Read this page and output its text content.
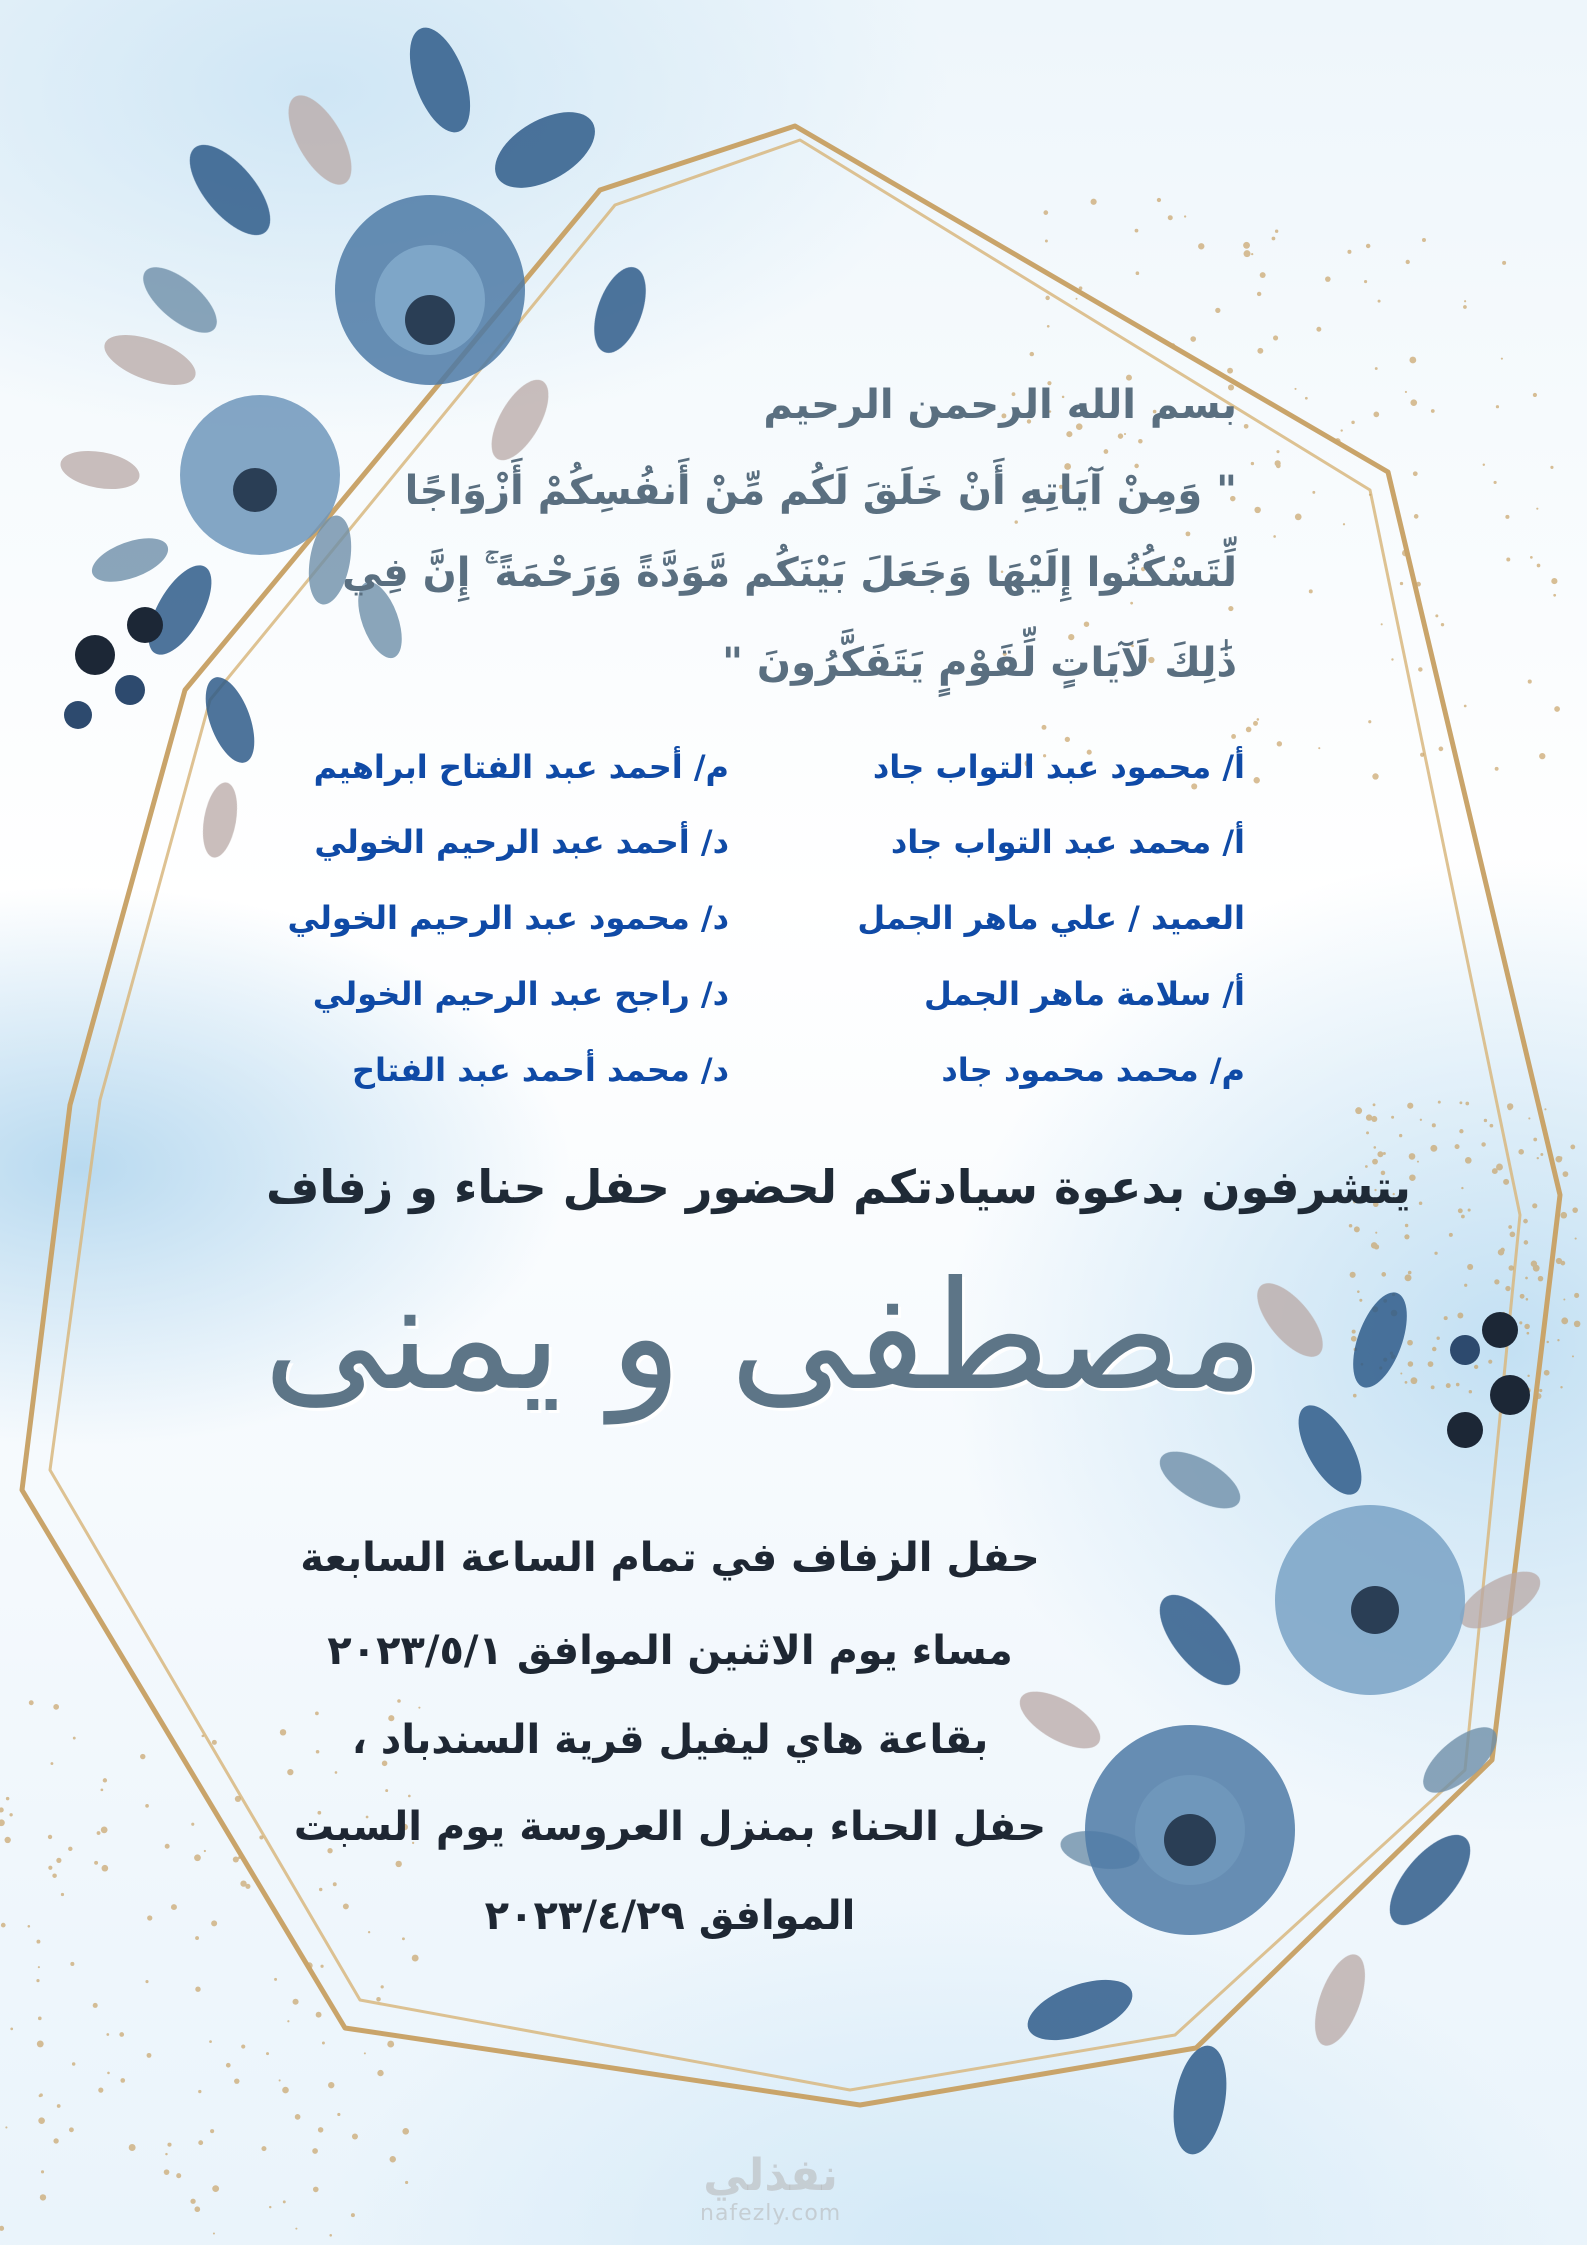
بسم الله الرحمن الرحيم
" وَمِنْ آيَاتِهِ أَنْ خَلَقَ لَكُم مِّنْ أَنفُسِكُمْ أَزْوَاجًا
لِّتَسْكُنُوا إِلَيْهَا وَجَعَلَ بَيْنَكُم مَّوَدَّةً وَرَحْمَةً ۚ إِنَّ فِي
ذَٰلِكَ لَآيَاتٍ لِّقَوْمٍ يَتَفَكَّرُونَ "
أ/ محمود عبد التواب جاد
أ/ محمد عبد التواب جاد
العميد / علي ماهر الجمل
أ/ سلامة ماهر الجمل
م/ محمد محمود جاد
م/ أحمد عبد الفتاح ابراهيم
د/ أحمد عبد الرحيم الخولي
د/ محمود عبد الرحيم الخولي
د/ راجح عبد الرحيم الخولي
د/ محمد أحمد عبد الفتاح
يتشرفون بدعوة سيادتكم لحضور حفل حناء و زفاف
مصطفى و يمنى
حفل الزفاف في تمام الساعة السابعة
مساء يوم الاثنين الموافق ٢٠٢٣/٥/١
بقاعة هاي ليفيل قرية السندباد ،
حفل الحناء بمنزل العروسة يوم السبت
الموافق ٢٠٢٣/٤/٢٩
نفذلي
nafezly.com
